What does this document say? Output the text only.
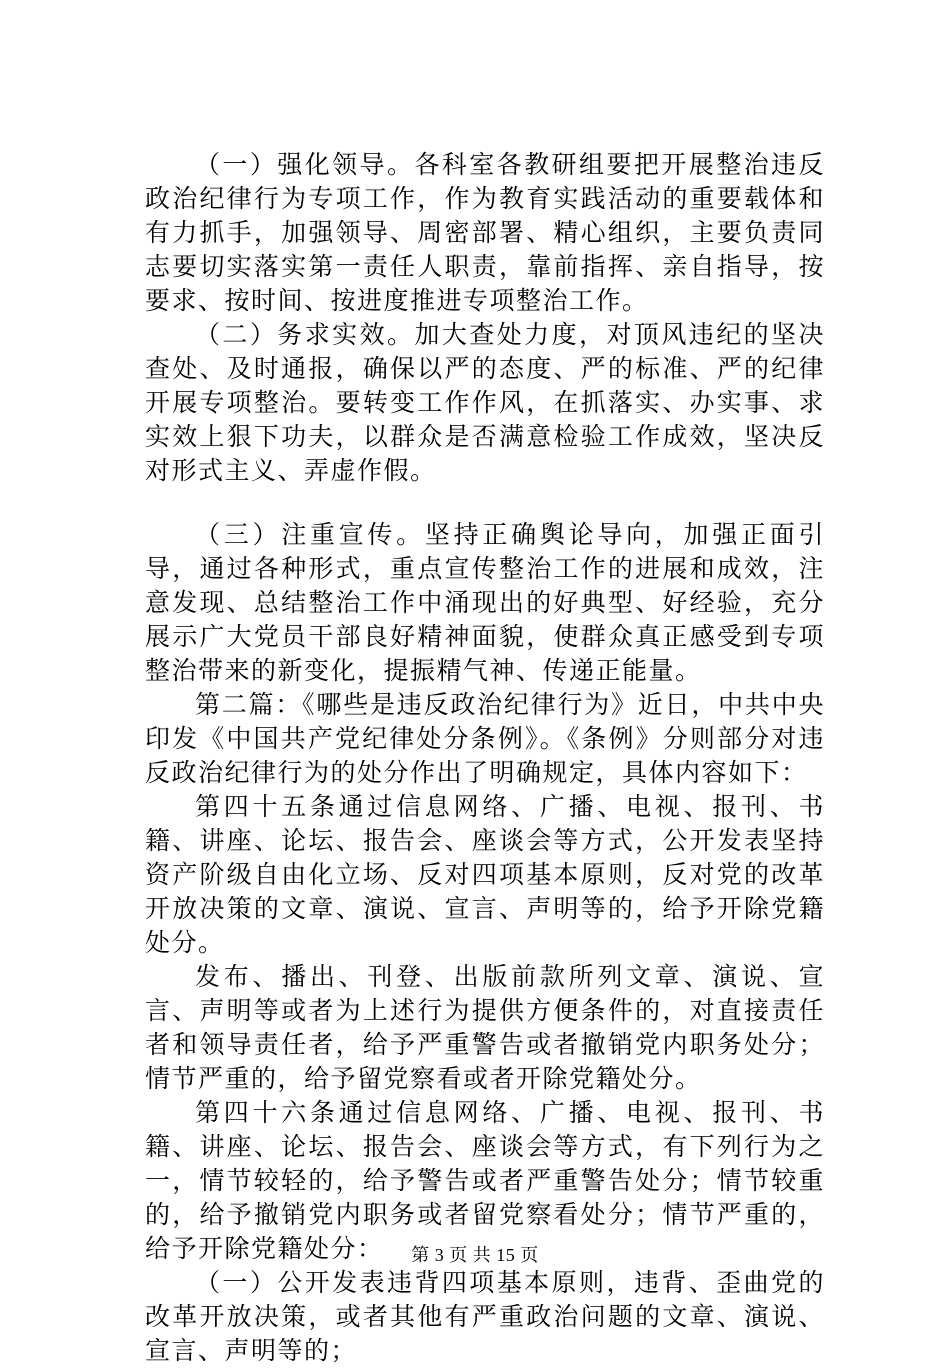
（一）强化领导。各科室各教研组要把开展整治违反政治纪律行为专项工作，作为教育实践活动的重要载体和有力抓手，加强领导、周密部署、精心组织，主要负责同志要切实落实第一责任人职责，靠前指挥、亲自指导，按要求、按时间、按进度推进专项整治工作。

（二）务求实效。加大查处力度，对顶风违纪的坚决查处、及时通报，确保以严的态度、严的标准、严的纪律开展专项整治。要转变工作作风，在抓落实、办实事、求实效上狠下功夫，以群众是否满意检验工作成效，坚决反对形式主义、弄虚作假。

（三）注重宣传。坚持正确舆论导向，加强正面引导，通过各种形式，重点宣传整治工作的进展和成效，注意发现、总结整治工作中涌现出的好典型、好经验，充分展示广大党员干部良好精神面貌，使群众真正感受到专项整治带来的新变化，提振精气神、传递正能量。

第二篇：《哪些是违反政治纪律行为》近日，中共中央印发《中国共产党纪律处分条例》。《条例》分则部分对违反政治纪律行为的处分作出了明确规定，具体内容如下：

第四十五条通过信息网络、广播、电视、报刊、书籍、讲座、论坛、报告会、座谈会等方式，公开发表坚持资产阶级自由化立场、反对四项基本原则，反对党的改革开放决策的文章、演说、宣言、声明等的，给予开除党籍处分。

发布、播出、刊登、出版前款所列文章、演说、宣言、声明等或者为上述行为提供方便条件的，对直接责任者和领导责任者，给予严重警告或者撤销党内职务处分；情节严重的，给予留党察看或者开除党籍处分。

第四十六条通过信息网络、广播、电视、报刊、书籍、讲座、论坛、报告会、座谈会等方式，有下列行为之一，情节较轻的，给予警告或者严重警告处分；情节较重的，给予撤销党内职务或者留党察看处分；情节严重的，给予开除党籍处分：

（一）公开发表违背四项基本原则，违背、歪曲党的改革开放决策，或者其他有严重政治问题的文章、演说、宣言、声明等的；

第 3 页 共 15 页
